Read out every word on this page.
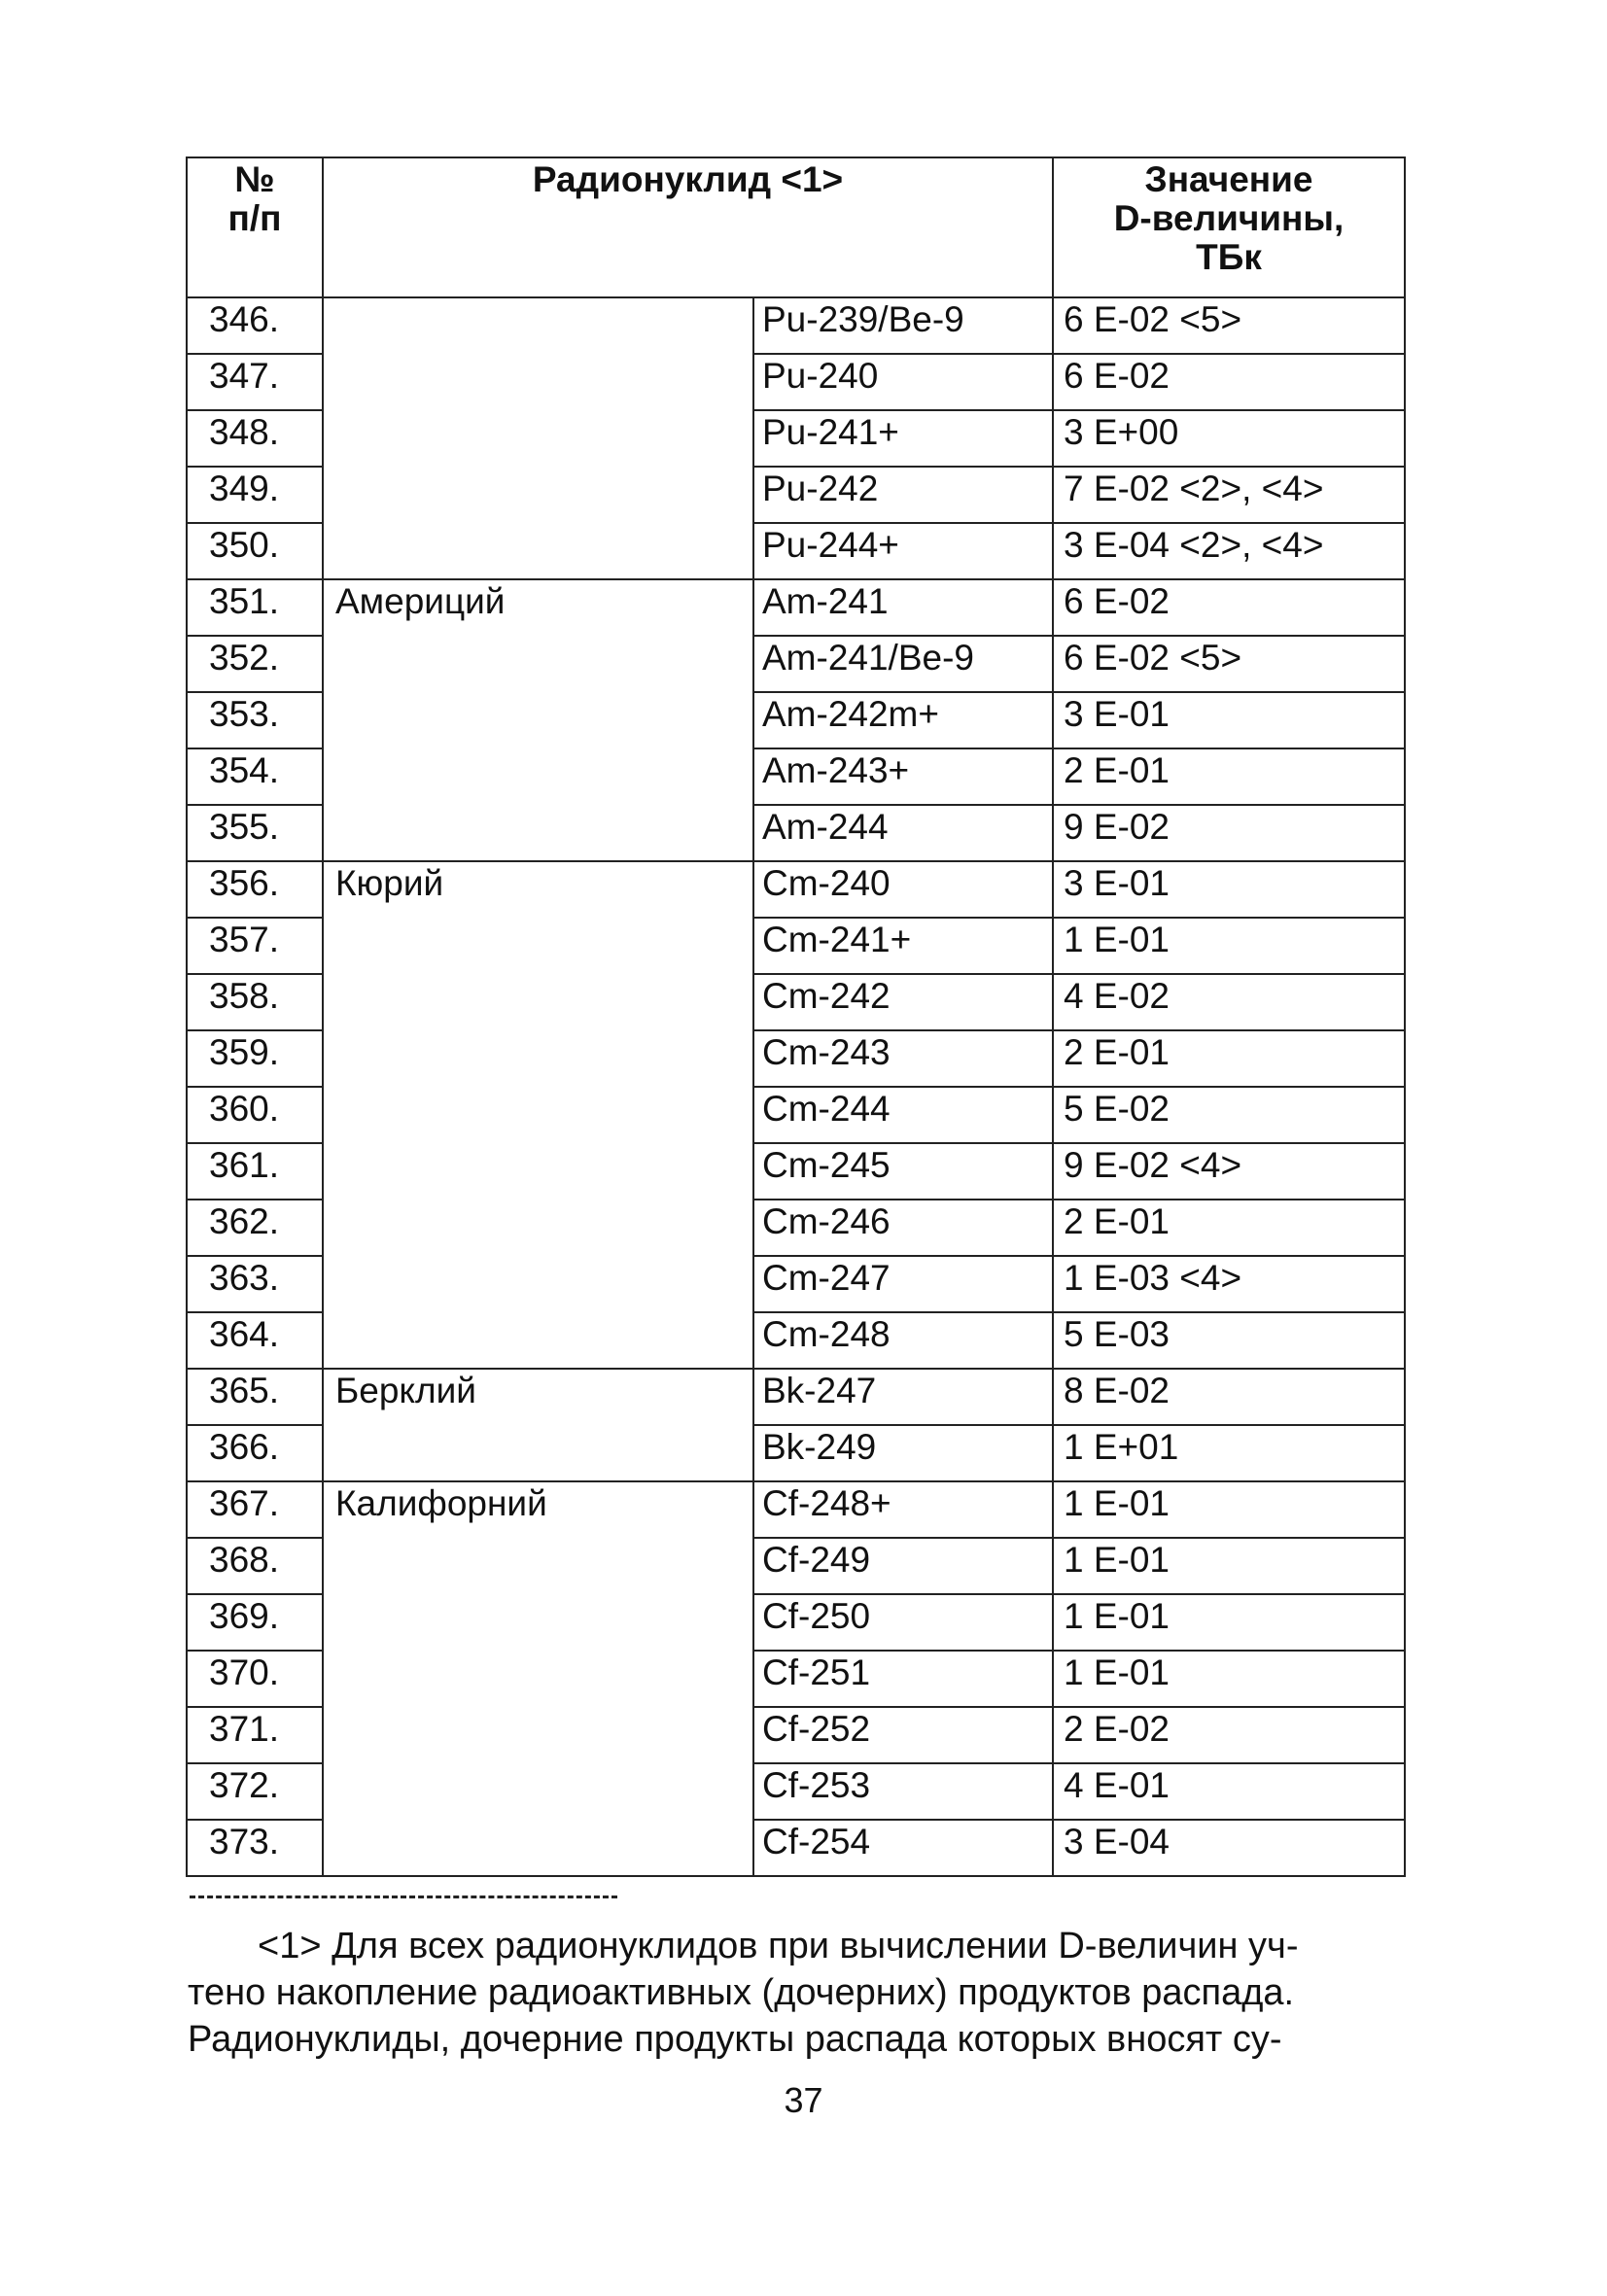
№
п/п	Радионуклид <1>		Значение
D-величины,
ТБк

346.		Pu-239/Be-9	6 E-02 <5>
347.		Pu-240	6 E-02
348.		Pu-241+	3 E+00
349.		Pu-242	7 E-02 <2>, <4>
350.		Pu-244+	3 E-04 <2>, <4>
351.	Америций	Am-241	6 E-02
352.		Am-241/Be-9	6 E-02 <5>
353.		Am-242m+	3 E-01
354.		Am-243+	2 E-01
355.		Am-244	9 E-02
356.	Кюрий	Cm-240	3 E-01
357.		Cm-241+	1 E-01
358.		Cm-242	4 E-02
359.		Cm-243	2 E-01
360.		Cm-244	5 E-02
361.		Cm-245	9 E-02 <4>
362.		Cm-246	2 E-01
363.		Cm-247	1 E-03 <4>
364.		Cm-248	5 E-03
365.	Берклий	Bk-247	8 E-02
366.		Bk-249	1 E+01
367.	Калифорний	Cf-248+	1 E-01
368.		Cf-249	1 E-01
369.		Cf-250	1 E-01
370.		Cf-251	1 E-01
371.		Cf-252	2 E-02
372.		Cf-253	4 E-01
373.		Cf-254	3 E-04
<1> Для всех радионуклидов при вычислении D-величин уч-
тено накопление радиоактивных (дочерних) продуктов распада.
Радионуклиды, дочерние продукты распада которых вносят су-
37
